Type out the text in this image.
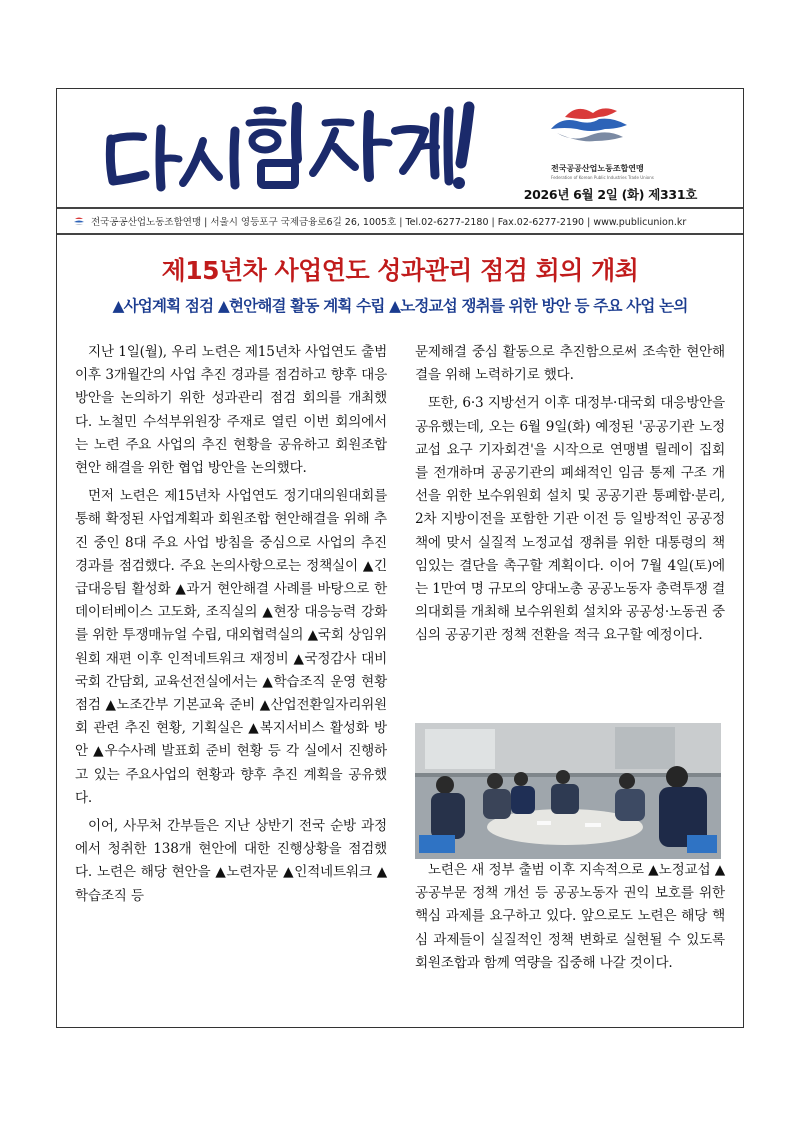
전국공공산업노동조합연맹
Federation of Korean Public Industries Trade Unions
2026년 6월 2일 (화) 제331호
전국공공산업노동조합연맹 | 서울시 영등포구 국제금융로6길 26, 1005호 | Tel.02-6277-2180 | Fax.02-6277-2190 | www.publicunion.kr
제15년차 사업연도 성과관리 점검 회의 개최
▲사업계획 점검 ▲현안해결 활동 계획 수립 ▲노정교섭 쟁취를 위한 방안 등 주요 사업 논의

지난 1일(월), 우리 노련은 제15년차 사업연도 출범 이후 3개월간의 사업 추진 경과를 점검하고 향후 대응 방안을 논의하기 위한 성과관리 점검 회의를 개최했다. 노철민 수석부위원장 주재로 열린 이번 회의에서는 노련 주요 사업의 추진 현황을 공유하고 회원조합 현안 해결을 위한 협업 방안을 논의했다.

먼저 노련은 제15년차 사업연도 정기대의원대회를 통해 확정된 사업계획과 회원조합 현안해결을 위해 추진 중인 8대 주요 사업 방침을 중심으로 사업의 추진 경과를 점검했다. 주요 논의사항으로는 정책실이 ▲긴급대응팀 활성화 ▲과거 현안해결 사례를 바탕으로 한 데이터베이스 고도화, 조직실의 ▲현장 대응능력 강화를 위한 투쟁매뉴얼 수립, 대외협력실의 ▲국회 상임위원회 재편 이후 인적네트워크 재정비 ▲국정감사 대비 국회 간담회, 교육선전실에서는 ▲학습조직 운영 현황 점검 ▲노조간부 기본교육 준비 ▲산업전환일자리위원회 관련 추진 현황, 기획실은 ▲복지서비스 활성화 방안 ▲우수사례 발표회 준비 현황 등 각 실에서 진행하고 있는 주요사업의 현황과 향후 추진 계획을 공유했다.

이어, 사무처 간부들은 지난 상반기 전국 순방 과정에서 청취한 138개 현안에 대한 진행상황을 점검했다. 노련은 해당 현안을 ▲노련자문 ▲인적네트워크 ▲학습조직 등

문제해결 중심 활동으로 추진함으로써 조속한 현안해결을 위해 노력하기로 했다.

또한, 6·3 지방선거 이후 대정부·대국회 대응방안을 공유했는데, 오는 6월 9일(화) 예정된 '공공기관 노정교섭 요구 기자회견'을 시작으로 연맹별 릴레이 집회를 전개하며 공공기관의 폐쇄적인 임금 통제 구조 개선을 위한 보수위원회 설치 및 공공기관 통폐합·분리, 2차 지방이전을 포함한 기관 이전 등 일방적인 공공정책에 맞서 실질적 노정교섭 쟁취를 위한 대통령의 책임있는 결단을 촉구할 계획이다. 이어 7월 4일(토)에는 1만여 명 규모의 양대노총 공공노동자 총력투쟁 결의대회를 개최해 보수위원회 설치와 공공성·노동권 중심의 공공기관 정책 전환을 적극 요구할 예정이다.

노련은 새 정부 출범 이후 지속적으로 ▲노정교섭 ▲공공부문 정책 개선 등 공공노동자 권익 보호를 위한 핵심 과제를 요구하고 있다. 앞으로도 노련은 해당 핵심 과제들이 실질적인 정책 변화로 실현될 수 있도록 회원조합과 함께 역량을 집중해 나갈 것이다.
